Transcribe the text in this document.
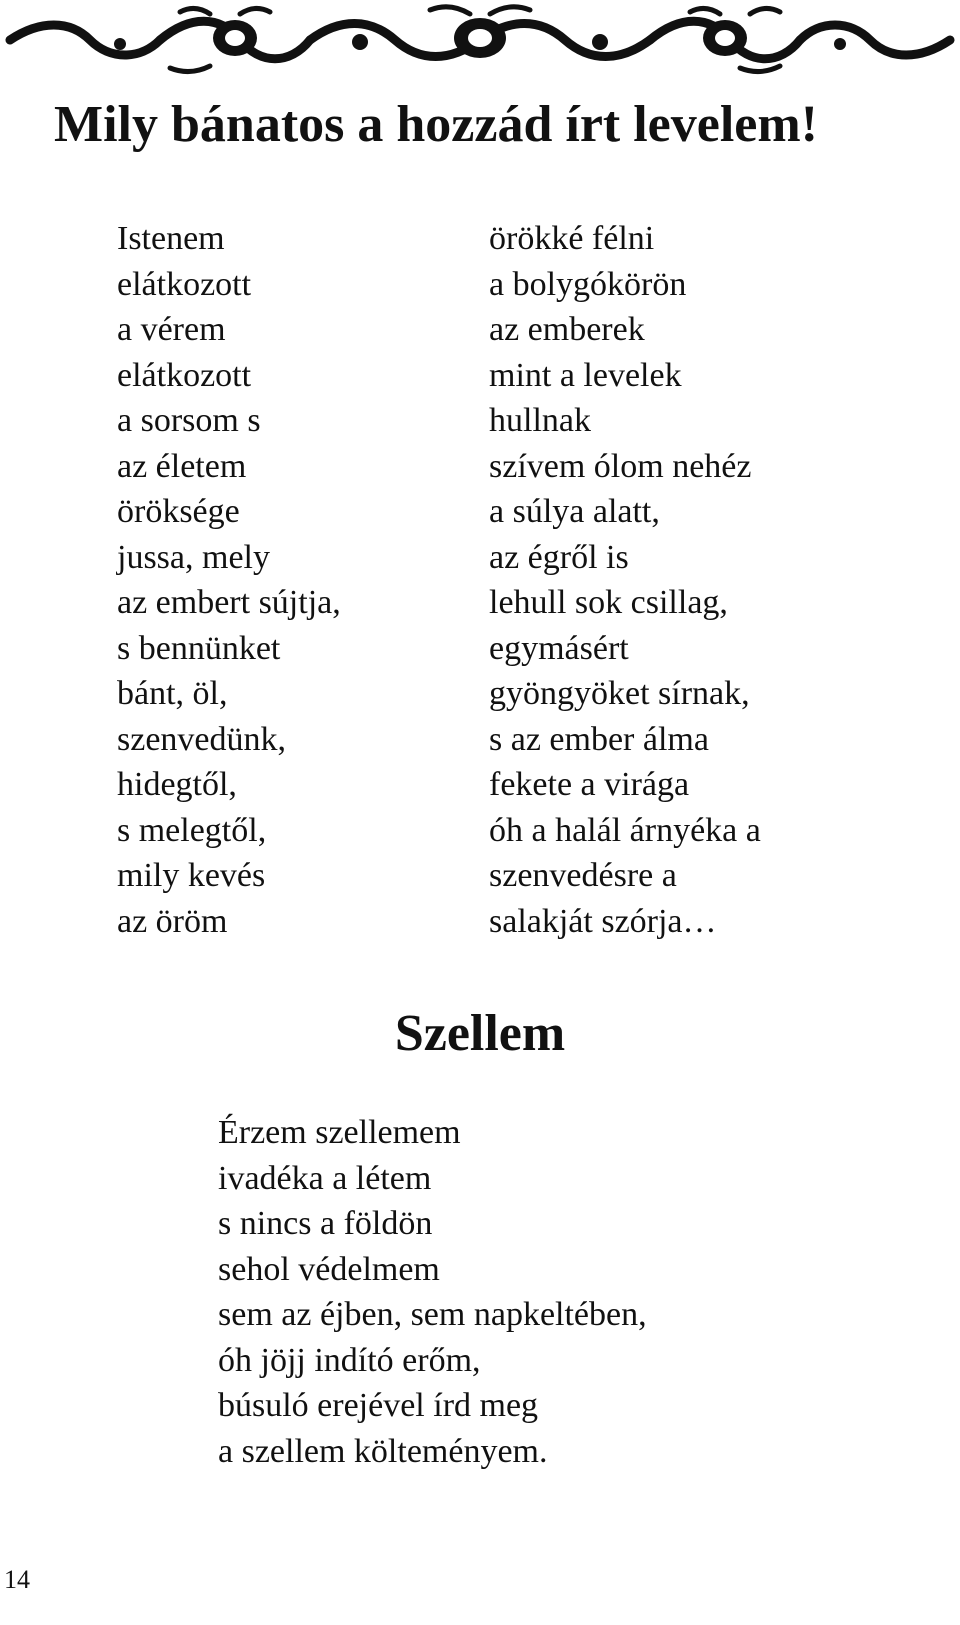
Mily bánatos a hozzád írt levelem!
Istenem
elátkozott
a vérem
elátkozott
a sorsom s
az életem
öröksége
jussa, mely
az embert sújtja,
s bennünket
bánt, öl,
szenvedünk,
hidegtől,
s melegtől,
mily kevés
az öröm
örökké félni
a bolygókörön
az emberek
mint a levelek
hullnak
szívem ólom nehéz
a súlya alatt,
az égről is
lehull sok csillag,
egymásért
gyöngyöket sírnak,
s az ember álma
fekete a virága
óh a halál árnyéka a
szenvedésre a
salakját szórja…
Szellem
Érzem szellemem
ivadéka a létem
s nincs a földön
sehol védelmem
sem az éjben, sem napkeltében,
óh jöjj indító erőm,
búsuló erejével írd meg
a szellem költeményem.
14
